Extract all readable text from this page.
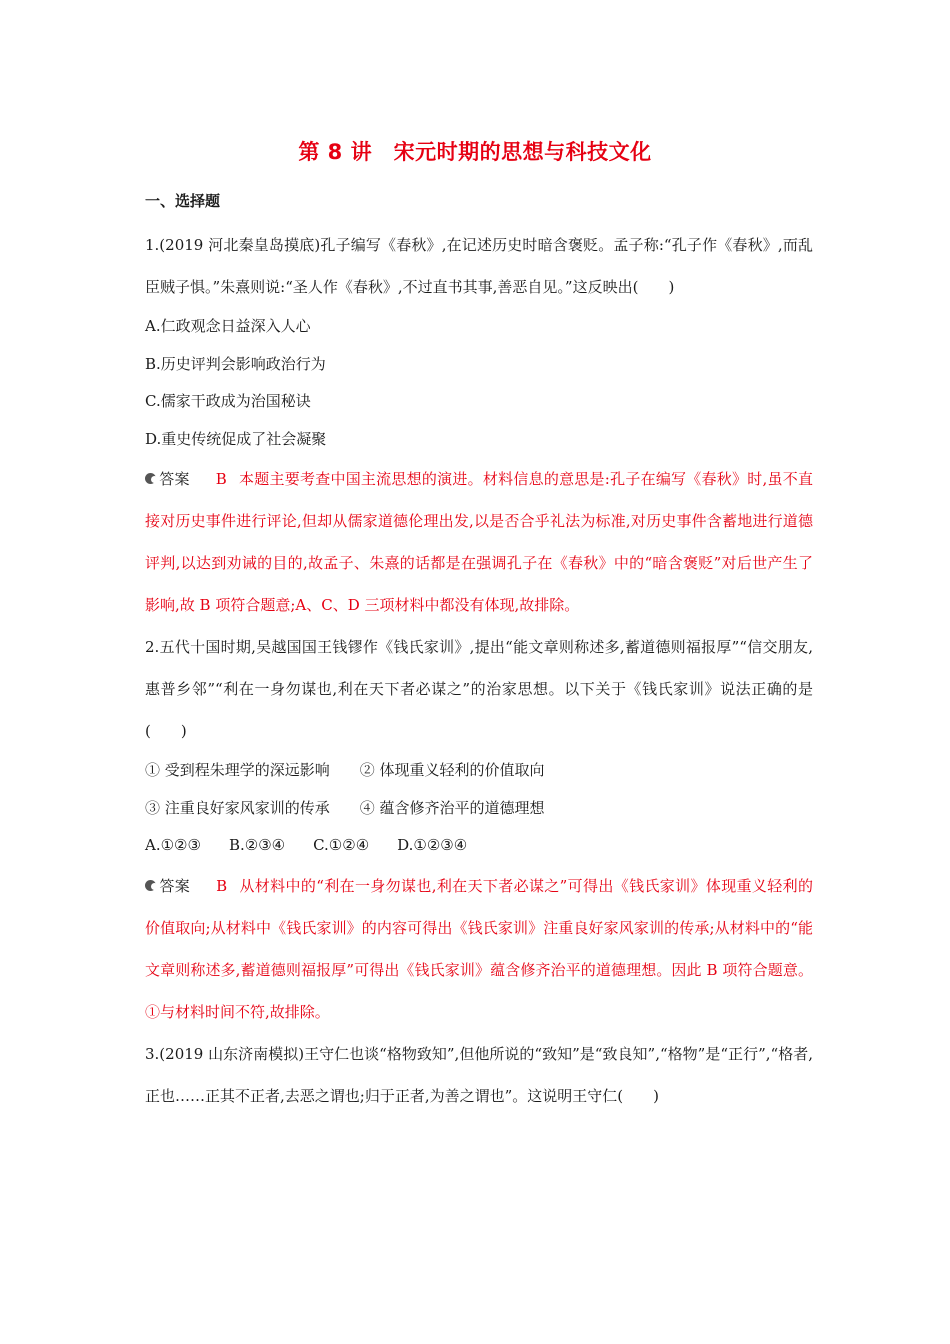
第 8 讲　宋元时期的思想与科技文化
一、选择题

1.(2019 河北秦皇岛摸底)孔子编写《春秋》,在记述历史时暗含褒贬。孟子称:“孔子作《春秋》,而乱臣贼子惧。”朱熹则说:“圣人作《春秋》,不过直书其事,善恶自见。”这反映出(　　)

A.仁政观念日益深入人心

B.历史评判会影响政治行为

C.儒家干政成为治国秘诀

D.重史传统促成了社会凝聚

答案 B 本题主要考查中国主流思想的演进。材料信息的意思是:孔子在编写《春秋》时,虽不直接对历史事件进行评论,但却从儒家道德伦理出发,以是否合乎礼法为标准,对历史事件含蓄地进行道德评判,以达到劝诫的目的,故孟子、朱熹的话都是在强调孔子在《春秋》中的“暗含褒贬”对后世产生了影响,故 B 项符合题意;A、C、D 三项材料中都没有体现,故排除。

2.五代十国时期,吴越国国王钱镠作《钱氏家训》,提出“能文章则称述多,蓄道德则福报厚”“信交朋友,惠普乡邻”“利在一身勿谋也,利在天下者必谋之”的治家思想。以下关于《钱氏家训》说法正确的是(　　)

① 受到程朱理学的深远影响 ② 体现重义轻利的价值取向

③ 注重良好家风家训的传承 ④ 蕴含修齐治平的道德理想

A.①②③ B.②③④ C.①②④ D.①②③④

答案 B 从材料中的“利在一身勿谋也,利在天下者必谋之”可得出《钱氏家训》体现重义轻利的价值取向;从材料中《钱氏家训》的内容可得出《钱氏家训》注重良好家风家训的传承;从材料中的“能文章则称述多,蓄道德则福报厚”可得出《钱氏家训》蕴含修齐治平的道德理想。因此 B 项符合题意。①与材料时间不符,故排除。

3.(2019 山东济南模拟)王守仁也谈“格物致知”,但他所说的“致知”是“致良知”,“格物”是“正行”,“格者,正也……正其不正者,去恶之谓也;归于正者,为善之谓也”。这说明王守仁(　　)
